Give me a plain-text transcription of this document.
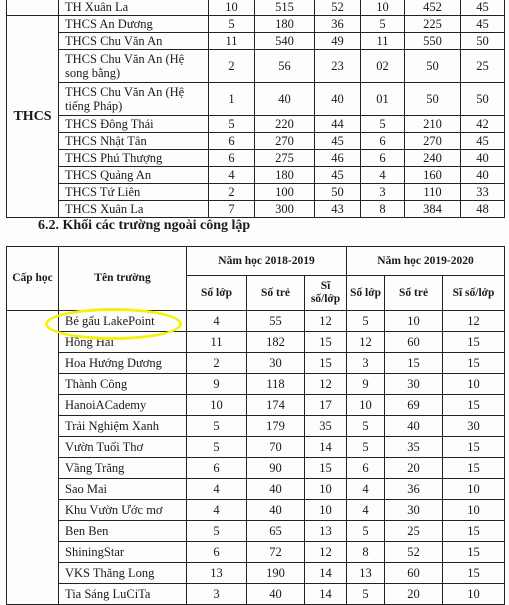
	TH Xuân La	10	515	52	10	452	45
THCS	THCS An Dương	5	180	36	5	225	45
	THCS Chu Văn An	11	540	49	11	550	50
	THCS Chu Văn An (Hệ song bằng)	2	56	23	02	50	25
	THCS Chu Văn An (Hệ tiếng Pháp)	1	40	40	01	50	50
	THCS Đông Thái	5	220	44	5	210	42
	THCS Nhật Tân	6	270	45	6	270	45
	THCS Phú Thượng	6	275	46	6	240	40
	THCS Quảng An	4	180	45	4	160	40
	THCS Tứ Liên	2	100	50	3	110	33
	THCS Xuân La	7	300	43	8	384	48
6.2. Khối các trường ngoài công lập
Cấp học	Tên trường	Năm học 2018-2019			Năm học 2019-2020		
		Số lớp	Số trẻ	Sĩ số/lớp	Số lớp	Số trẻ	Sĩ số/lớp
	Bé gấu LakePoint	4	55	12	5	10	12
	Hồng Hải	11	182	15	12	60	15
	Hoa Hướng Dương	2	30	15	3	15	15
	Thành Công	9	118	12	9	30	10
	HanoiACademy	10	174	17	10	69	15
	Trải Nghiệm Xanh	5	179	35	5	40	30
	Vườn Tuổi Thơ	5	70	14	5	35	15
	Vầng Trăng	6	90	15	6	20	15
	Sao Mai	4	40	10	4	36	10
	Khu Vườn Ước mơ	4	40	10	4	30	10
	Ben Ben	5	65	13	5	25	15
	ShiningStar	6	72	12	8	52	15
	VKS Thăng Long	13	190	14	13	60	15
	Tia Sáng LuCiTa	3	40	14	5	20	10
